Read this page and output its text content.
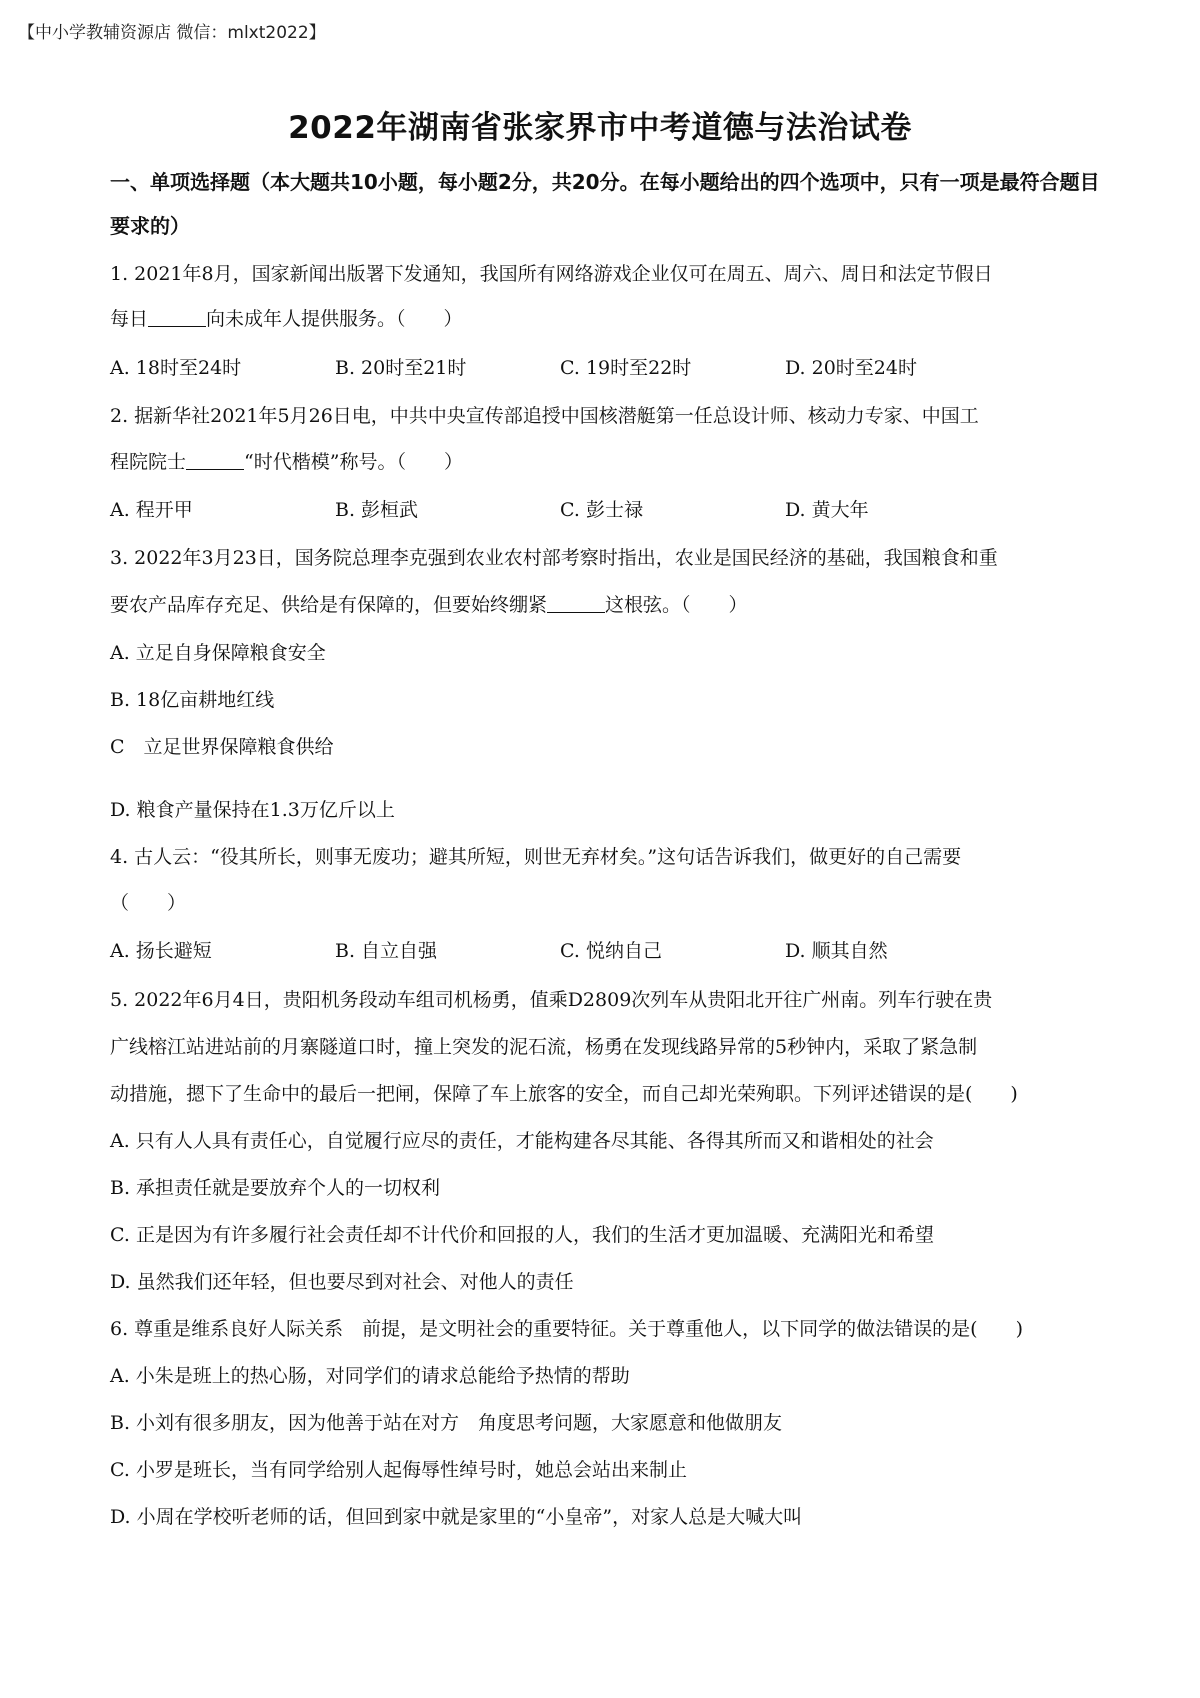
【中小学教辅资源店 微信：mlxt2022】
2022年湖南省张家界市中考道德与法治试卷
一、单项选择题（本大题共10小题，每小题2分，共20分。在每小题给出的四个选项中，只有一项是最符合题目要求的）
1. 2021年8月，国家新闻出版署下发通知，我国所有网络游戏企业仅可在周五、周六、周日和法定节假日
每日	向未成年人提供服务。（　　）
A. 18时至24时	B. 20时至21时	C. 19时至22时	D. 20时至24时
2. 据新华社2021年5月26日电，中共中央宣传部追授中国核潜艇第一任总设计师、核动力专家、中国工
程院院士	“时代楷模”称号。（　　）
A. 程开甲	B. 彭桓武	C. 彭士禄	D. 黄大年
3. 2022年3月23日，国务院总理李克强到农业农村部考察时指出，农业是国民经济的基础，我国粮食和重
要农产品库存充足、供给是有保障的，但要始终绷紧	这根弦。（　　）
A. 立足自身保障粮食安全
B. 18亿亩耕地红线
C　立足世界保障粮食供给
D. 粮食产量保持在1.3万亿斤以上
4. 古人云：“役其所长，则事无废功；避其所短，则世无弃材矣。”这句话告诉我们，做更好的自己需要
（　　）
A. 扬长避短	B. 自立自强	C. 悦纳自己	D. 顺其自然
5. 2022年6月4日，贵阳机务段动车组司机杨勇，值乘D2809次列车从贵阳北开往广州南。列车行驶在贵
广线榕江站进站前的月寨隧道口时，撞上突发的泥石流，杨勇在发现线路异常的5秒钟内，采取了紧急制
动措施，摁下了生命中的最后一把闸，保障了车上旅客的安全，而自己却光荣殉职。下列评述错误的是(　　)
A. 只有人人具有责任心，自觉履行应尽的责任，才能构建各尽其能、各得其所而又和谐相处的社会
B. 承担责任就是要放弃个人的一切权利
C. 正是因为有许多履行社会责任却不计代价和回报的人，我们的生活才更加温暖、充满阳光和希望
D. 虽然我们还年轻，但也要尽到对社会、对他人的责任
6. 尊重是维系良好人际关系　前提，是文明社会的重要特征。关于尊重他人，以下同学的做法错误的是(　　)
A. 小朱是班上的热心肠，对同学们的请求总能给予热情的帮助
B. 小刘有很多朋友，因为他善于站在对方　角度思考问题，大家愿意和他做朋友
C. 小罗是班长，当有同学给别人起侮辱性绰号时，她总会站出来制止
D. 小周在学校听老师的话，但回到家中就是家里的“小皇帝”，对家人总是大喊大叫
